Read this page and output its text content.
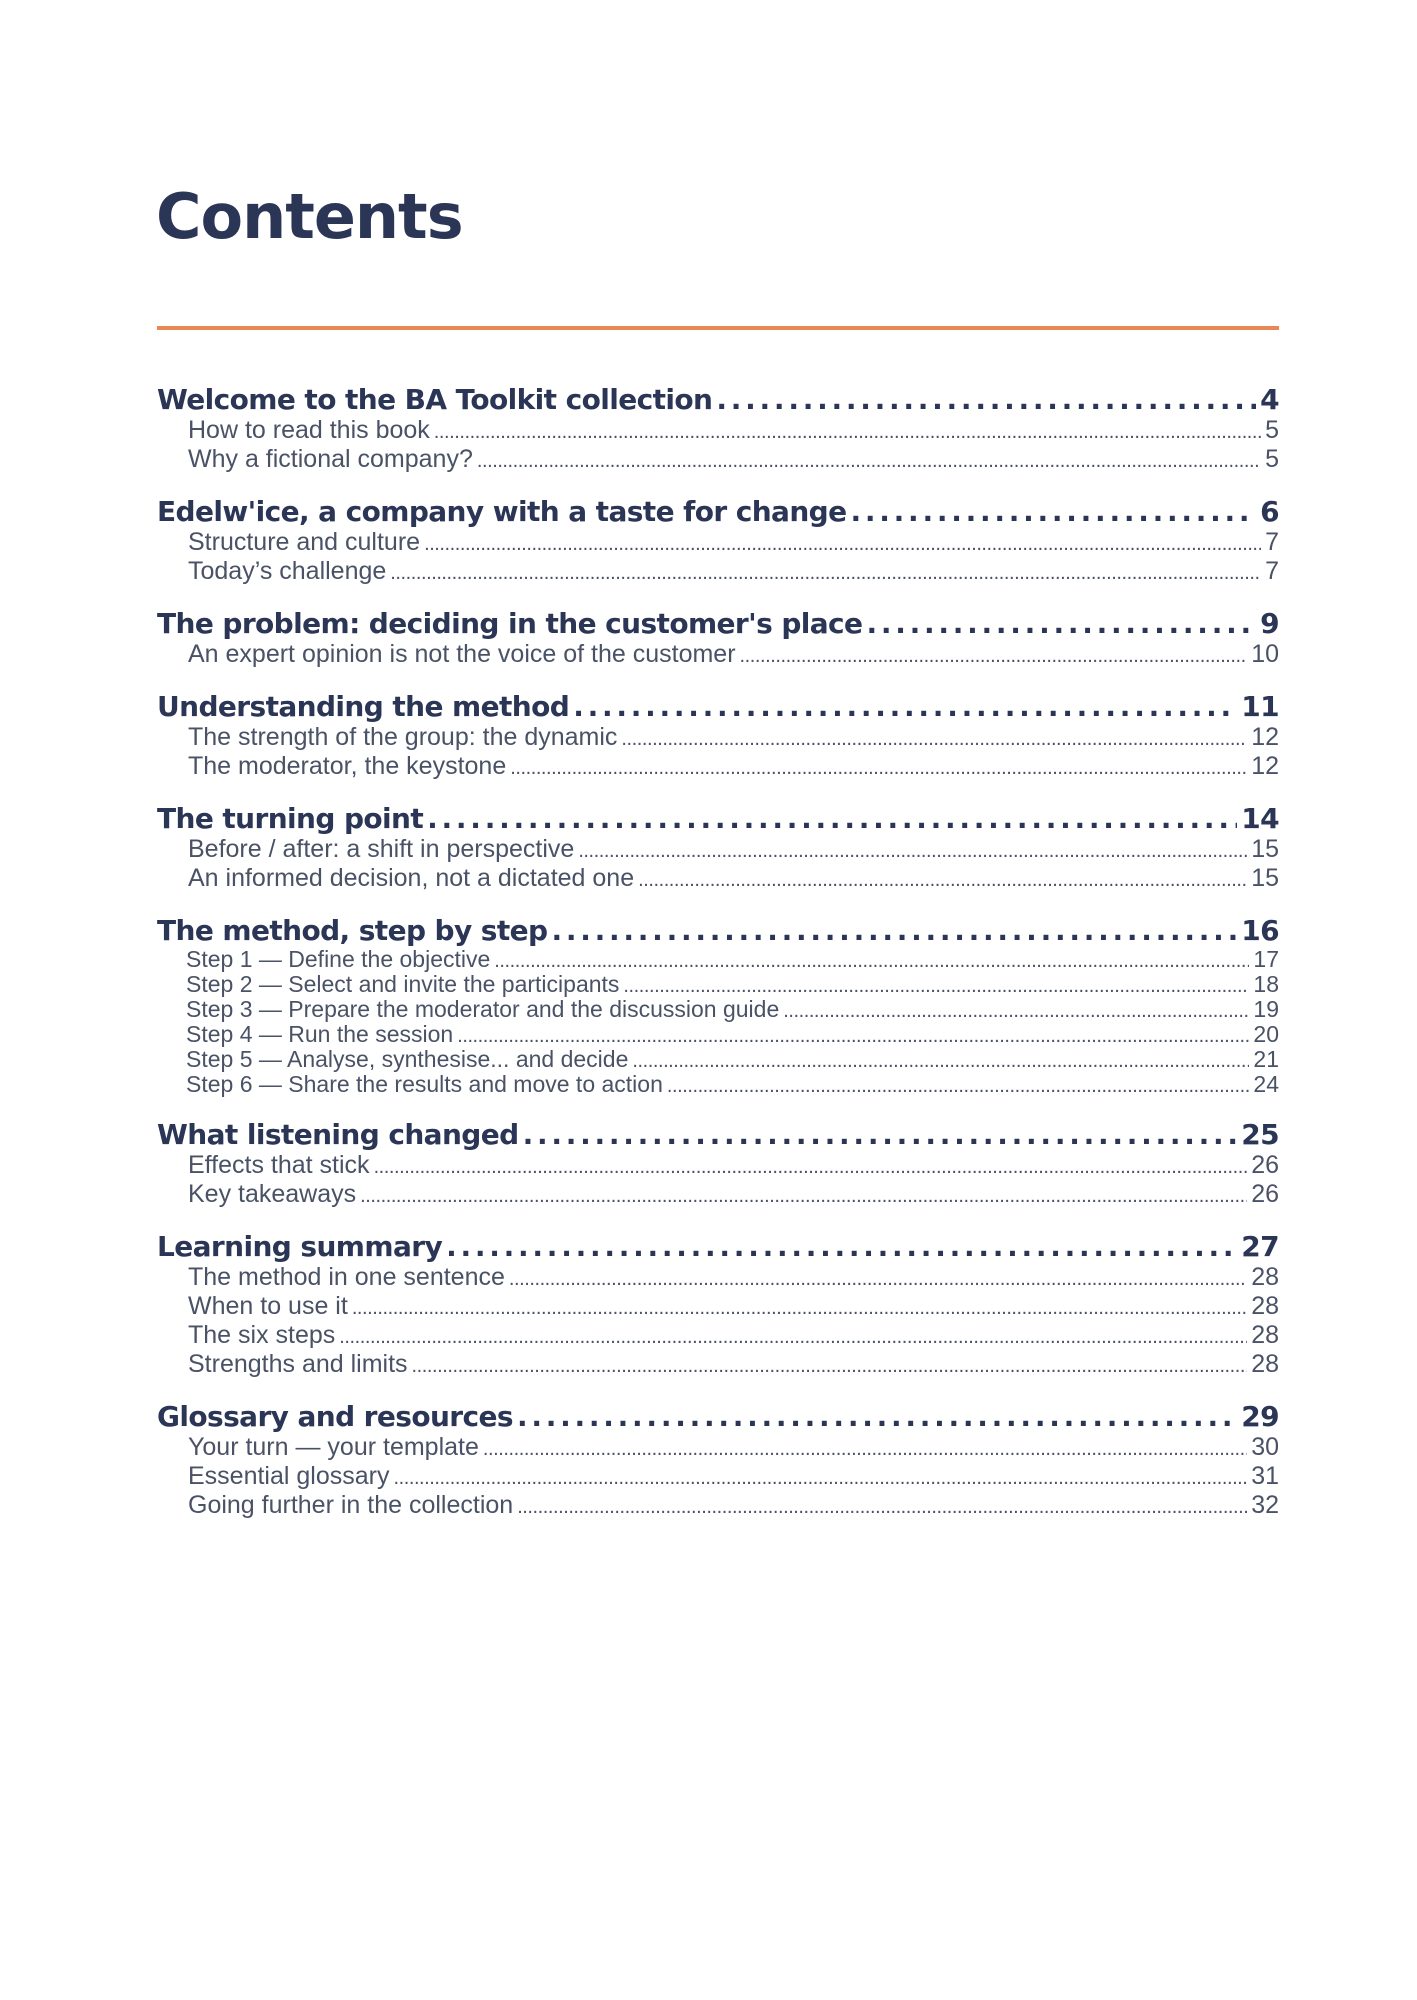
Contents
Welcome to the BA Toolkit collection . . .	4
How to read this book . . .	5
Why a fictional company? . . .	5
Edelw'ice, a company with a taste for change . . .	6
Structure and culture . . .	7
Today’s challenge . . .	7
The problem: deciding in the customer's place . . .	9
An expert opinion is not the voice of the customer . . .	10
Understanding the method . . .	11
The strength of the group: the dynamic . . .	12
The moderator, the keystone . . .	12
The turning point . . .	14
Before / after: a shift in perspective . . .	15
An informed decision, not a dictated one . . .	15
The method, step by step . . .	16
Step 1 — Define the objective . . .	17
Step 2 — Select and invite the participants . . .	18
Step 3 — Prepare the moderator and the discussion guide . . .	19
Step 4 — Run the session . . .	20
Step 5 — Analyse, synthesise... and decide . . .	21
Step 6 — Share the results and move to action . . .	24
What listening changed . . .	25
Effects that stick . . .	26
Key takeaways . . .	26
Learning summary . . .	27
The method in one sentence . . .	28
When to use it . . .	28
The six steps . . .	28
Strengths and limits . . .	28
Glossary and resources . . .	29
Your turn — your template . . .	30
Essential glossary . . .	31
Going further in the collection . . .	32
